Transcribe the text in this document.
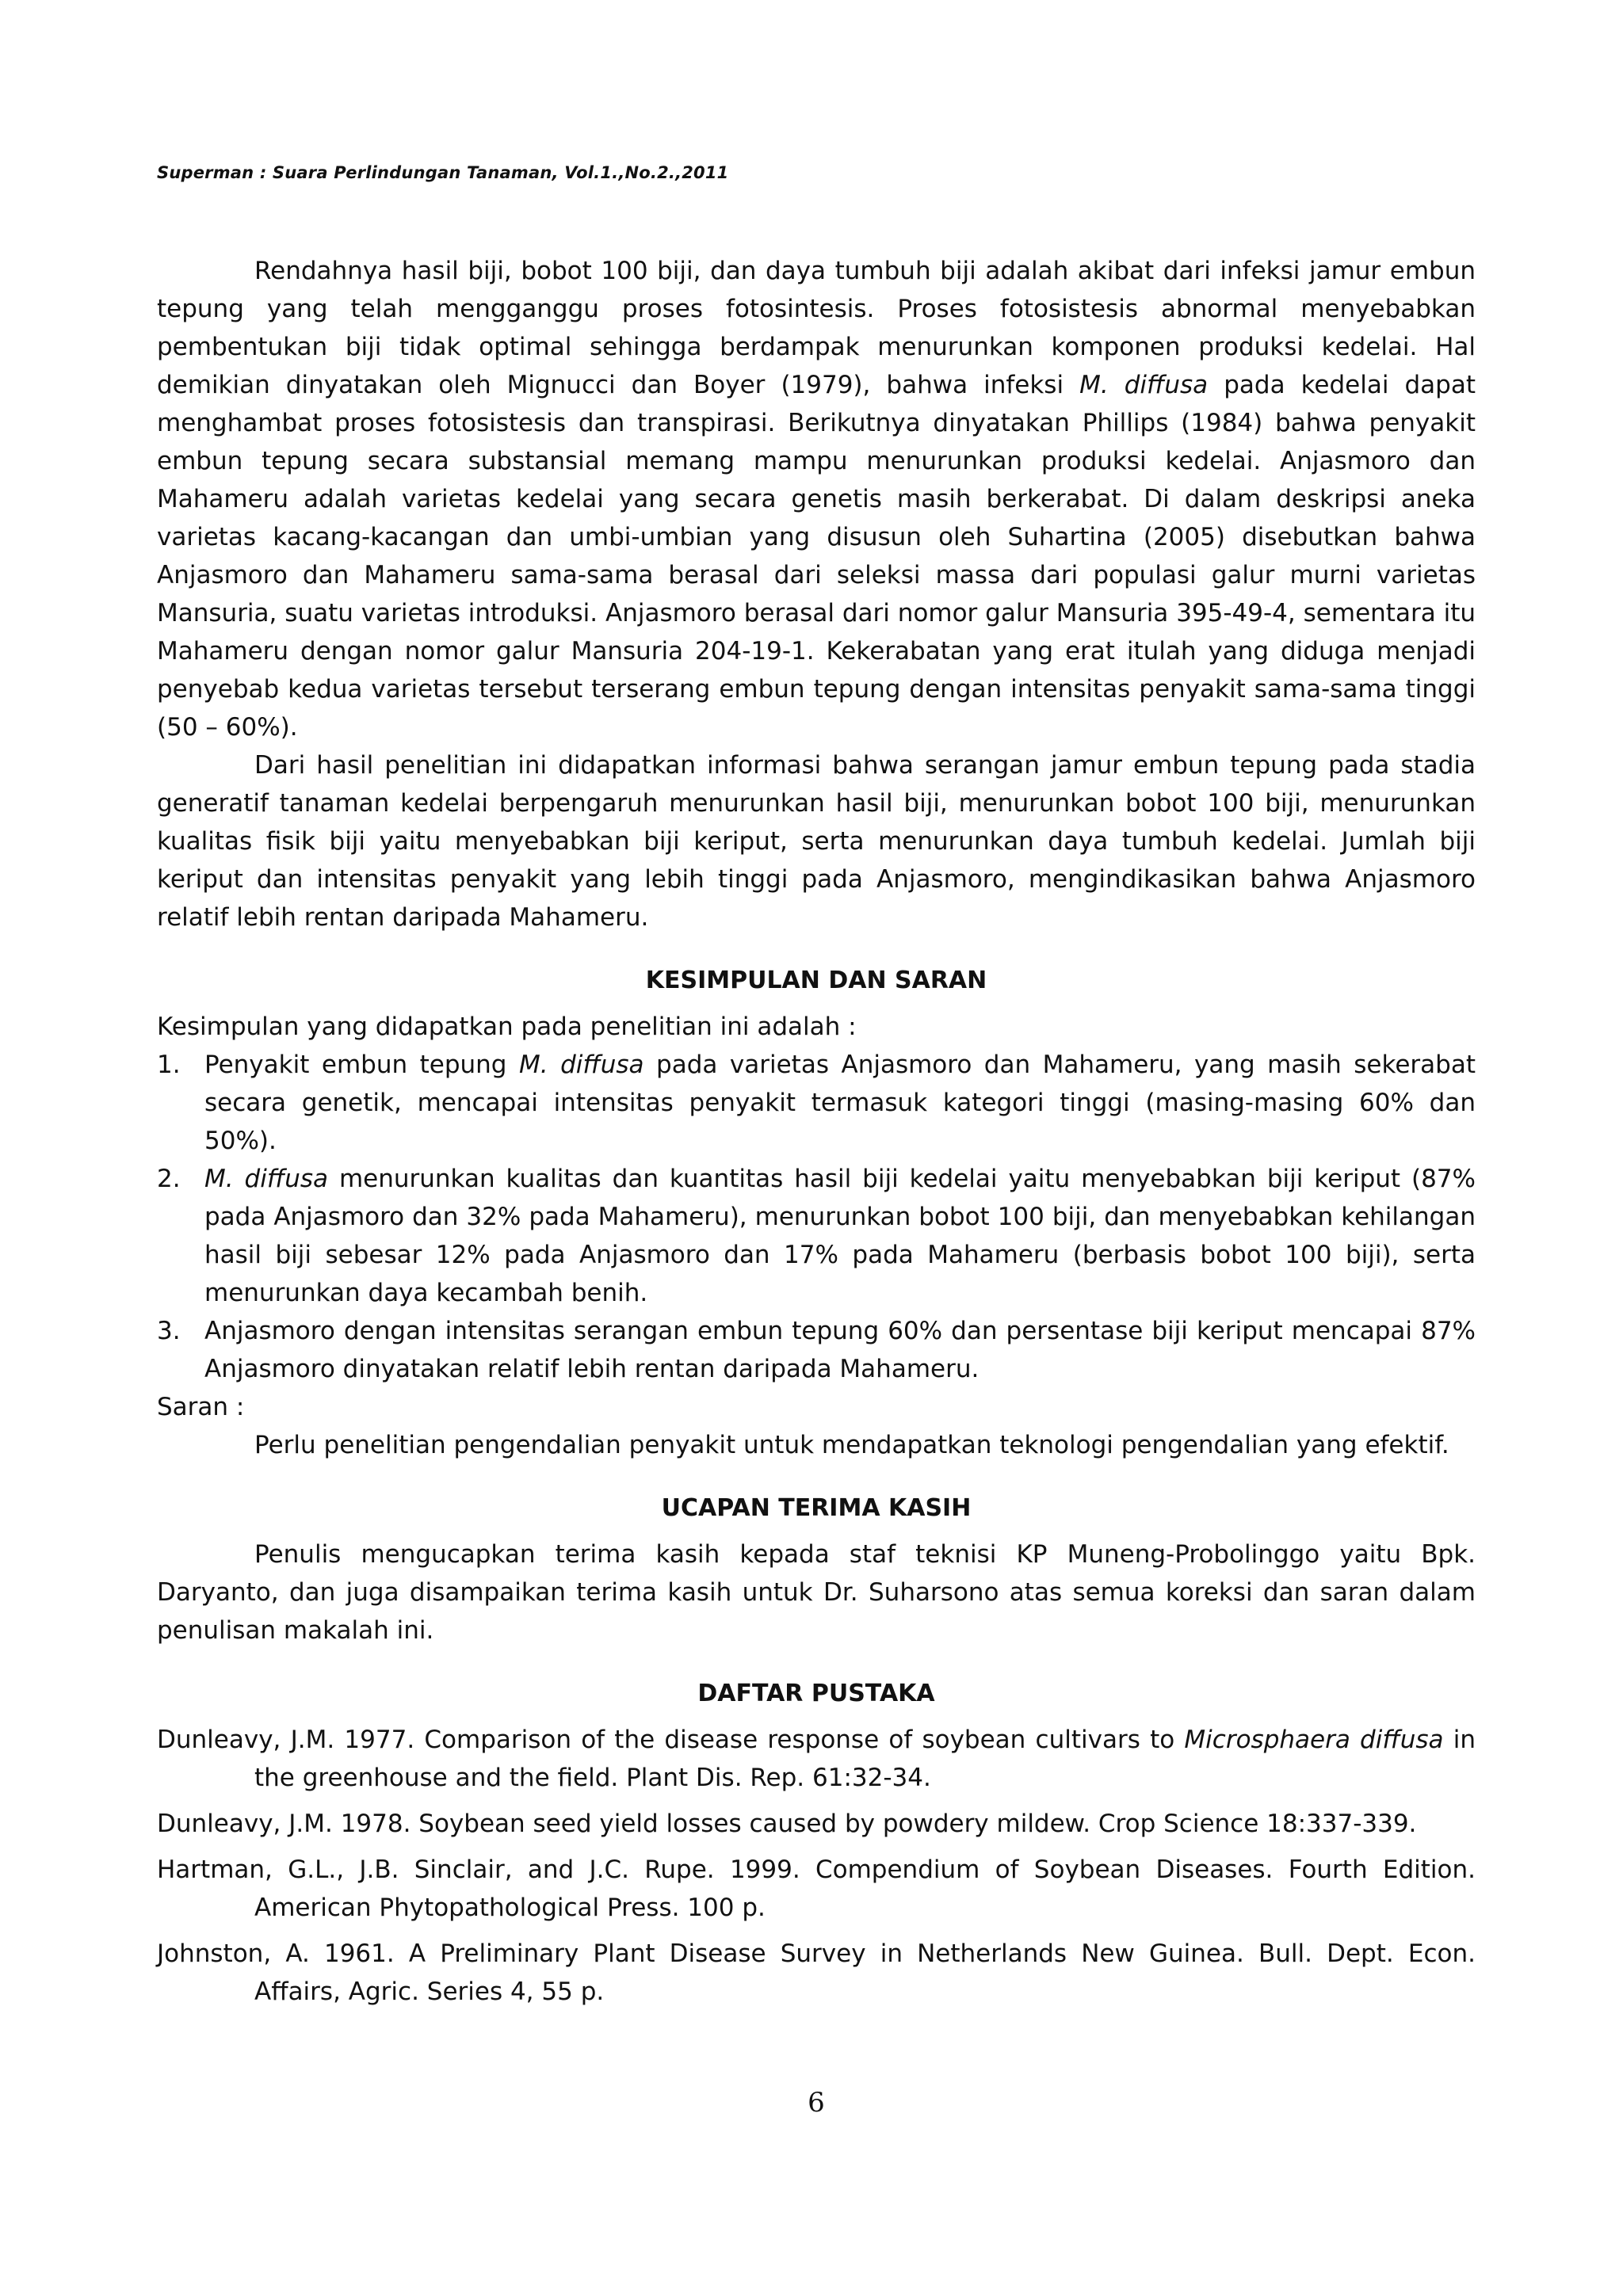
Superman : Suara Perlindungan Tanaman, Vol.1.,No.2.,2011

Rendahnya hasil biji, bobot 100 biji, dan daya tumbuh biji adalah akibat dari infeksi jamur embun tepung yang telah mengganggu proses fotosintesis. Proses fotosistesis abnormal menyebabkan pembentukan biji tidak optimal sehingga berdampak menurunkan komponen produksi kedelai. Hal demikian dinyatakan oleh Mignucci dan Boyer (1979), bahwa infeksi M. diffusa pada kedelai dapat menghambat proses fotosistesis dan transpirasi. Berikutnya dinyatakan Phillips (1984) bahwa penyakit embun tepung secara substansial memang mampu menurunkan produksi kedelai. Anjasmoro dan Mahameru adalah varietas kedelai yang secara genetis masih berkerabat. Di dalam deskripsi aneka varietas kacang-kacangan dan umbi-umbian yang disusun oleh Suhartina (2005) disebutkan bahwa Anjasmoro dan Mahameru sama-sama berasal dari seleksi massa dari populasi galur murni varietas Mansuria, suatu varietas introduksi. Anjasmoro berasal dari nomor galur Mansuria 395-49-4, sementara itu Mahameru dengan nomor galur Mansuria 204-19-1. Kekerabatan yang erat itulah yang diduga menjadi penyebab kedua varietas tersebut terserang embun tepung dengan intensitas penyakit sama-sama tinggi (50 – 60%).

Dari hasil penelitian ini didapatkan informasi bahwa serangan jamur embun tepung pada stadia generatif tanaman kedelai berpengaruh menurunkan hasil biji, menurunkan bobot 100 biji, menurunkan kualitas fisik biji yaitu menyebabkan biji keriput, serta menurunkan daya tumbuh kedelai. Jumlah biji keriput dan intensitas penyakit yang lebih tinggi pada Anjasmoro, mengindikasikan bahwa Anjasmoro relatif lebih rentan daripada Mahameru.

KESIMPULAN DAN SARAN

Kesimpulan yang didapatkan pada penelitian ini adalah :

1. Penyakit embun tepung M. diffusa pada varietas Anjasmoro dan Mahameru, yang masih sekerabat secara genetik, mencapai intensitas penyakit termasuk kategori tinggi (masing-masing 60% dan 50%).
2. M. diffusa menurunkan kualitas dan kuantitas hasil biji kedelai yaitu menyebabkan biji keriput (87% pada Anjasmoro dan 32% pada Mahameru), menurunkan bobot 100 biji, dan menyebabkan kehilangan hasil biji sebesar 12% pada Anjasmoro dan 17% pada Mahameru (berbasis bobot 100 biji), serta menurunkan daya kecambah benih.
3. Anjasmoro dengan intensitas serangan embun tepung 60% dan persentase biji keriput mencapai 87% Anjasmoro dinyatakan relatif lebih rentan daripada Mahameru.

Saran :

Perlu penelitian pengendalian penyakit untuk mendapatkan teknologi pengendalian yang efektif.

UCAPAN TERIMA KASIH

Penulis mengucapkan terima kasih kepada staf teknisi KP Muneng-Probolinggo yaitu Bpk. Daryanto, dan juga disampaikan terima kasih untuk Dr. Suharsono atas semua koreksi dan saran dalam penulisan makalah ini.

DAFTAR PUSTAKA

Dunleavy, J.M. 1977. Comparison of the disease response of soybean cultivars to Microsphaera diffusa in the greenhouse and the field. Plant Dis. Rep. 61:32-34.

Dunleavy, J.M. 1978. Soybean seed yield losses caused by powdery mildew. Crop Science 18:337-339.

Hartman, G.L., J.B. Sinclair, and J.C. Rupe. 1999. Compendium of Soybean Diseases. Fourth Edition. American Phytopathological Press. 100 p.

Johnston, A. 1961. A Preliminary Plant Disease Survey in Netherlands New Guinea. Bull. Dept. Econ. Affairs, Agric. Series 4, 55 p.

6
